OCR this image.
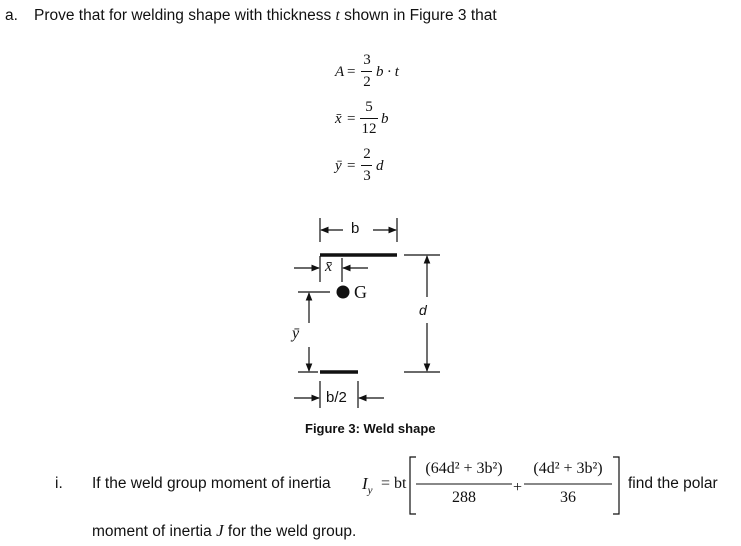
a. Prove that for welding shape with thickness t shown in Figure 3 that
A =
3
2
b · t
x̄ =
5
12
b
ȳ =
2
3
d
b
x̄
G
d
ȳ
b/2
Figure 3: Weld shape
i. If the weld group moment of inertia $I_y$ = bt
(64d² + 3b²)
288
+
(4d² + 3b²)
36
find the polar
moment of inertia J for the weld group.
